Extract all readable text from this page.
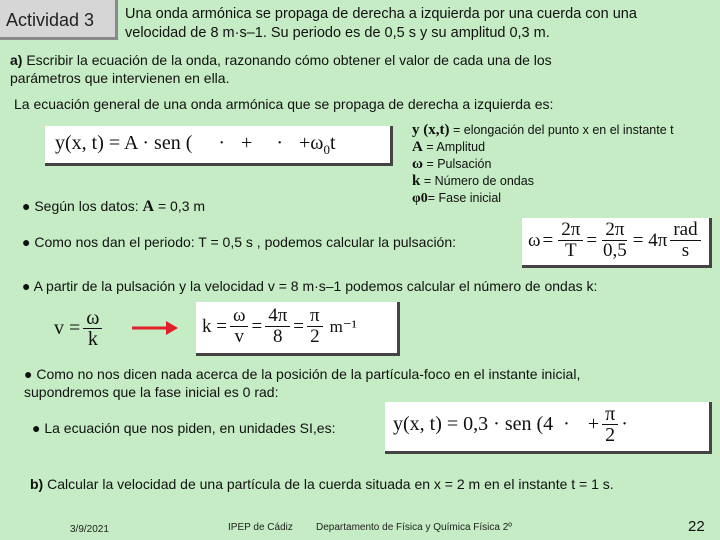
Actividad 3 Una onda armónica se propaga de derecha a izquierda por una cuerda con una
velocidad de 8 m·s–1. Su periodo es de 0,5 s y su amplitud 0,3 m.
a) Escribir la ecuación de la onda, razonando cómo obtener el valor de cada una de los
parámetros que intervienen en ella.
La ecuación general de una onda armónica que se propaga de derecha a izquierda es:
y(x, t) = A · sen ( · + · +ω 0 t
y (x,t) = elongación del punto x en el instante t
A = Amplitud
ω = Pulsación
k = Número de ondas
φ0= Fase inicial
● Según los datos: A = 0,3 m
● Como nos dan el periodo: T = 0,5 s , podemos calcular la pulsación:	$\omega = \frac{2\pi}{T} = \frac{2\pi}{0,5} = 4\pi \frac{\text{rad}}{s}$
● A partir de la pulsación y la velocidad v = 8 m·s–1 podemos calcular el número de ondas k:
$v = \frac{\omega}{k}$	$k = \frac{\omega}{v} = \frac{4\pi}{8} = \frac{\pi}{2} m^{-1}$
● Como no nos dicen nada acerca de la posición de la partícula-foco en el instante inicial,
supondremos que la fase inicial es 0 rad:
● La ecuación que nos piden, en unidades SI,es:	y(x, t) = 0,3 · sen (4 · + $\frac{\pi}{2}$ ·
b) Calcular la velocidad de una partícula de la cuerda situada en x = 2 m en el instante t = 1 s.
3/9/2021	IPEP de Cádiz Departamento de Física y Química Física 2º	22
